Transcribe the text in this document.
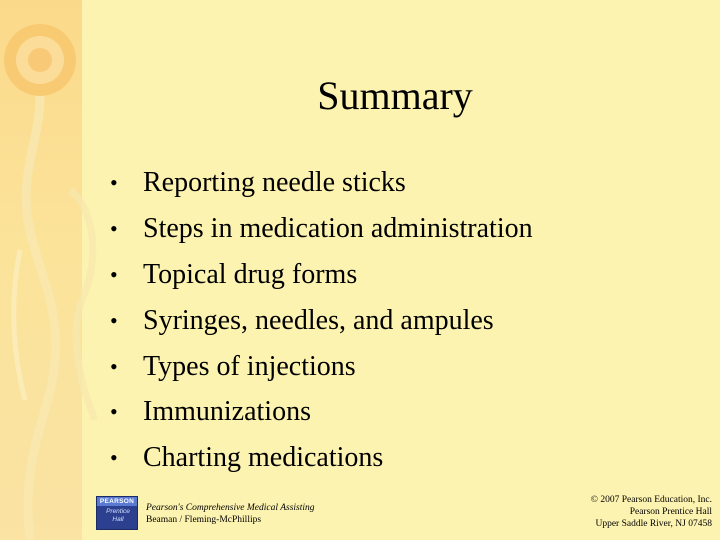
Summary
• Reporting needle sticks
• Steps in medication administration
• Topical drug forms
• Syringes, needles, and ampules
• Types of injections
• Immunizations
• Charting medications
PEARSON
Prentice Hall
Pearson's Comprehensive Medical Assisting
Beaman / Fleming-McPhillips
© 2007 Pearson Education, Inc.
Pearson Prentice Hall
Upper Saddle River, NJ 07458
